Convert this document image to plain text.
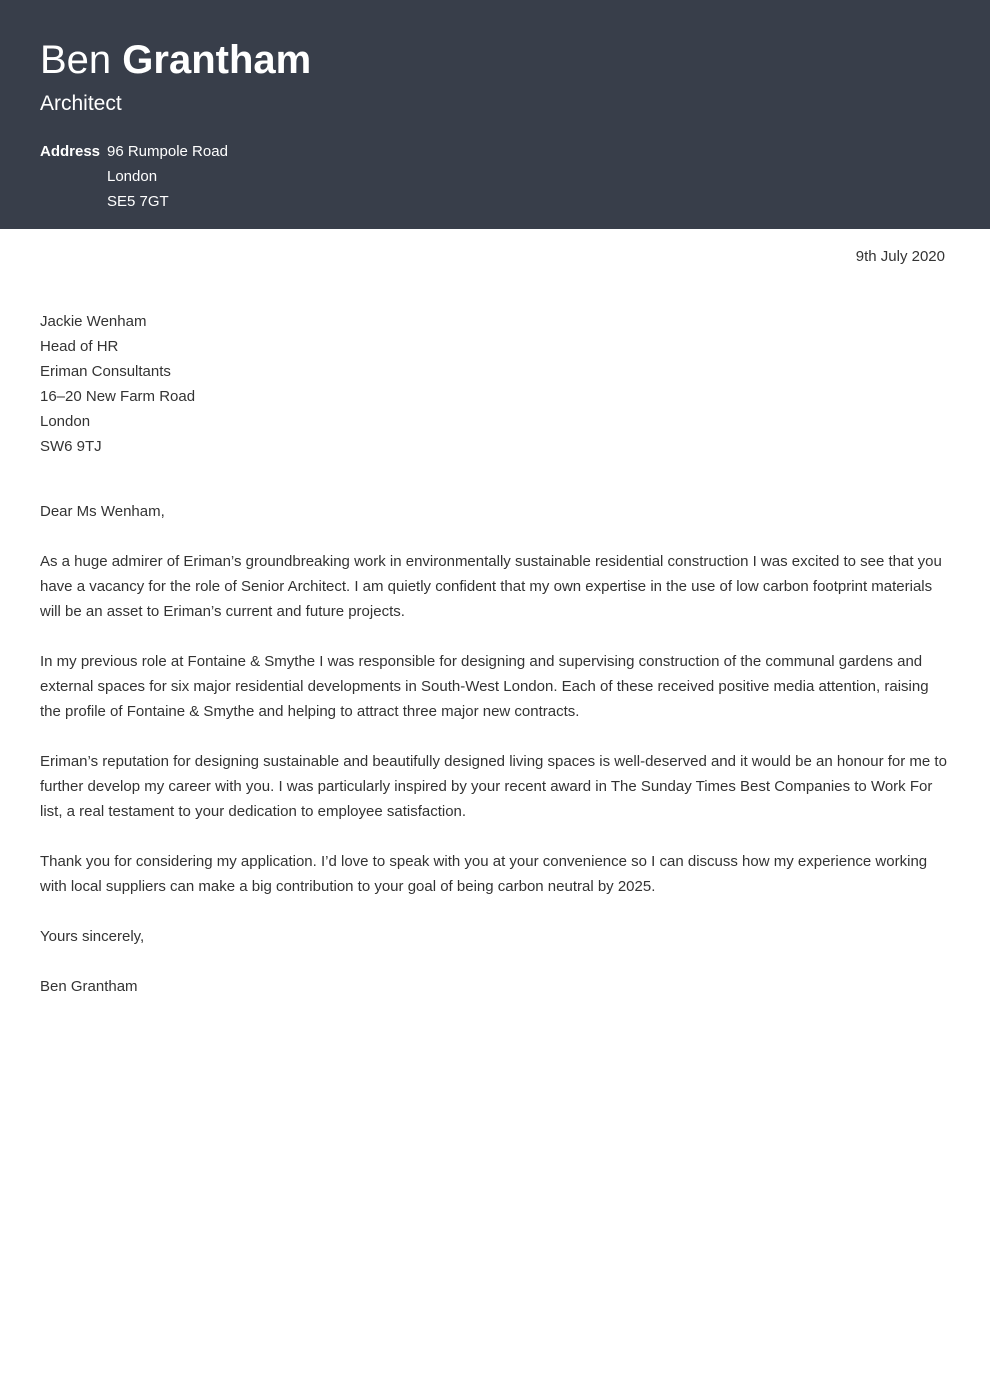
Ben Grantham
Architect
Address 96 Rumpole Road
London
SE5 7GT
9th July 2020
Jackie Wenham
Head of HR
Eriman Consultants
16–20 New Farm Road
London
SW6 9TJ

Dear Ms Wenham,

As a huge admirer of Eriman’s groundbreaking work in environmentally sustainable residential construction I was excited to see that you have a vacancy for the role of Senior Architect. I am quietly confident that my own expertise in the use of low carbon footprint materials will be an asset to Eriman’s current and future projects.

In my previous role at Fontaine & Smythe I was responsible for designing and supervising construction of the communal gardens and external spaces for six major residential developments in South-West London. Each of these received positive media attention, raising the profile of Fontaine & Smythe and helping to attract three major new contracts.

Eriman’s reputation for designing sustainable and beautifully designed living spaces is well-deserved and it would be an honour for me to further develop my career with you. I was particularly inspired by your recent award in The Sunday Times Best Companies to Work For list, a real testament to your dedication to employee satisfaction.

Thank you for considering my application. I’d love to speak with you at your convenience so I can discuss how my experience working with local suppliers can make a big contribution to your goal of being carbon neutral by 2025.

Yours sincerely,

Ben Grantham
